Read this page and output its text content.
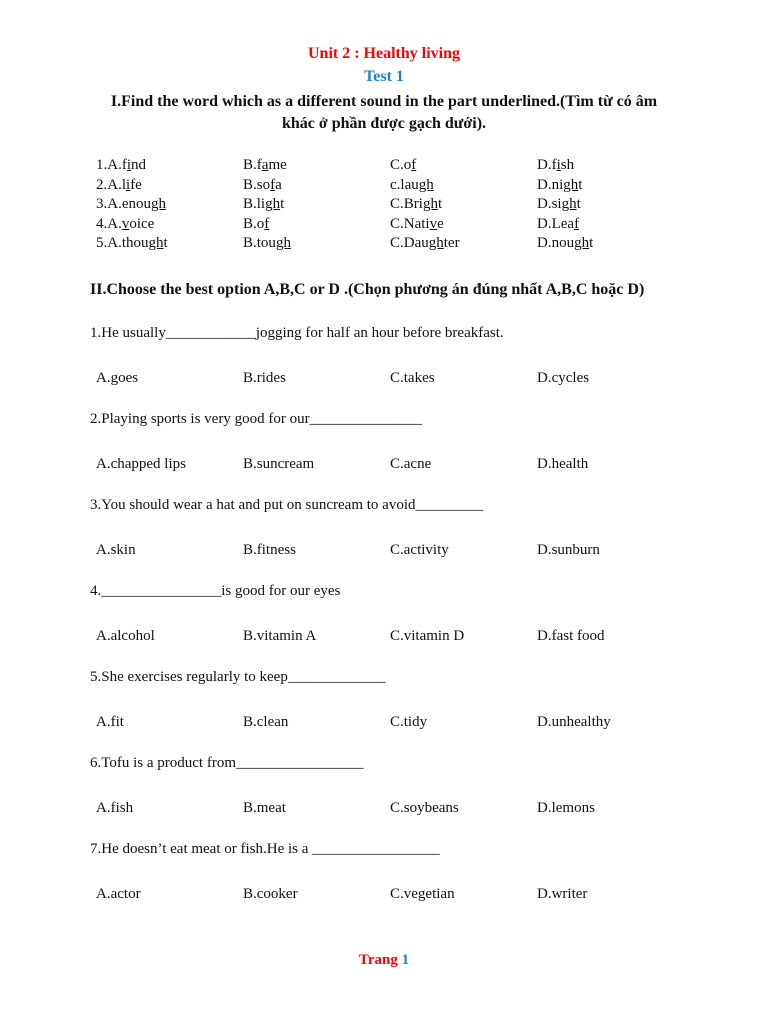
Unit 2 : Healthy living
Test 1
I.Find the word which as a different sound in the part underlined.(Tìm từ có âm
khác ở phần được gạch dưới).
1.A.find	B.fame	C.of	D.fish
2.A.life	B.sofa	c.laugh	D.night
3.A.enough	B.light	C.Bright	D.sight
4.A.voice	B.of	C.Native	D.Leaf
5.A.thought	B.tough	C.Daughter	D.nought
II.Choose the best option A,B,C or D .(Chọn phương án đúng nhất A,B,C hoặc D)
1.He usually____________jogging for half an hour before breakfast.
A.goes	B.rides	C.takes	D.cycles
2.Playing sports is very good for our_______________
A.chapped lips	B.suncream	C.acne	D.health
3.You should wear a hat and put on suncream to avoid_________
A.skin	B.fitness	C.activity	D.sunburn
4.________________is good for our eyes
A.alcohol	B.vitamin A	C.vitamin D	D.fast food
5.She exercises regularly to keep_____________
A.fit	B.clean	C.tidy	D.unhealthy
6.Tofu is a product from_________________
A.fish	B.meat	C.soybeans	D.lemons
7.He doesn’t eat meat or fish.He is a _________________
A.actor	B.cooker	C.vegetian	D.writer
Trang 1
